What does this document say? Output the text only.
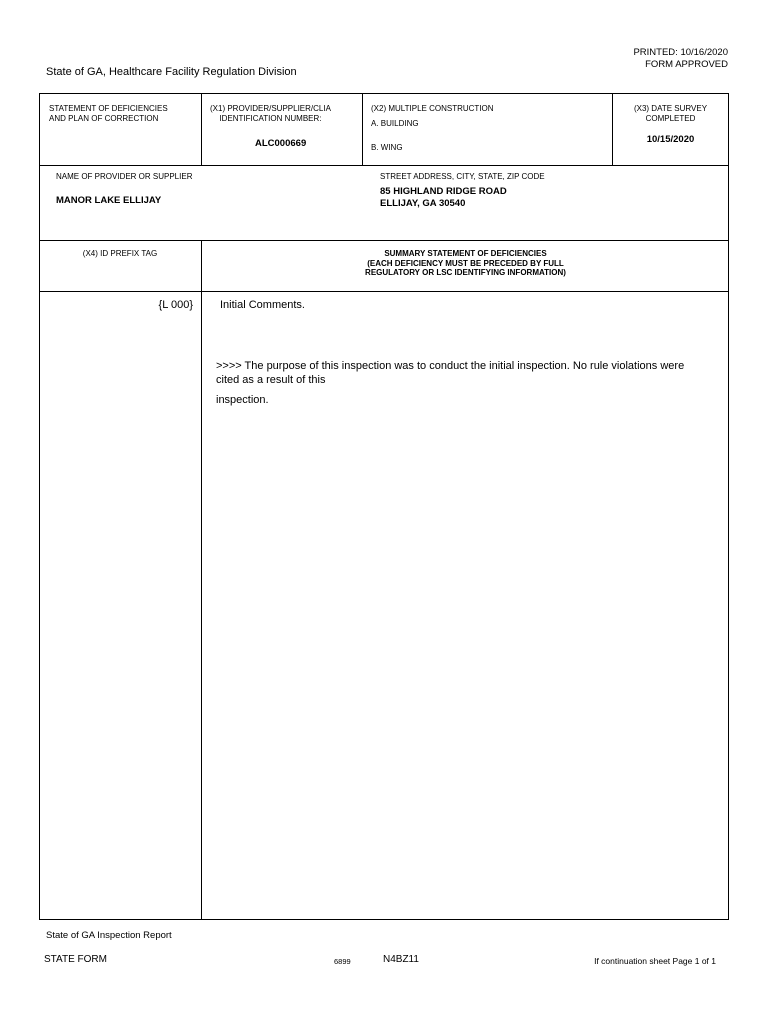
PRINTED: 10/16/2020
FORM APPROVED
State of GA, Healthcare Facility Regulation Division
STATEMENT OF DEFICIENCIES
AND PLAN OF CORRECTION
(X1) PROVIDER/SUPPLIER/CLIA
IDENTIFICATION NUMBER:
ALC000669
(X2) MULTIPLE CONSTRUCTION
A. BUILDING
B. WING
(X3) DATE SURVEY
COMPLETED
10/15/2020
NAME OF PROVIDER OR SUPPLIER
MANOR LAKE ELLIJAY
STREET ADDRESS, CITY, STATE, ZIP CODE
85 HIGHLAND RIDGE ROAD
ELLIJAY, GA 30540
(X4) ID PREFIX TAG	SUMMARY STATEMENT OF DEFICIENCIES
(EACH DEFICIENCY MUST BE PRECEDED BY FULL
REGULATORY OR LSC IDENTIFYING INFORMATION)
{L 000} Initial Comments.
>>>> The purpose of this inspection was to conduct the initial inspection. No rule violations were
cited as a result of this
inspection.
State of GA Inspection Report
STATE FORM	6899	N4BZ11	If continuation sheet Page 1 of 1
